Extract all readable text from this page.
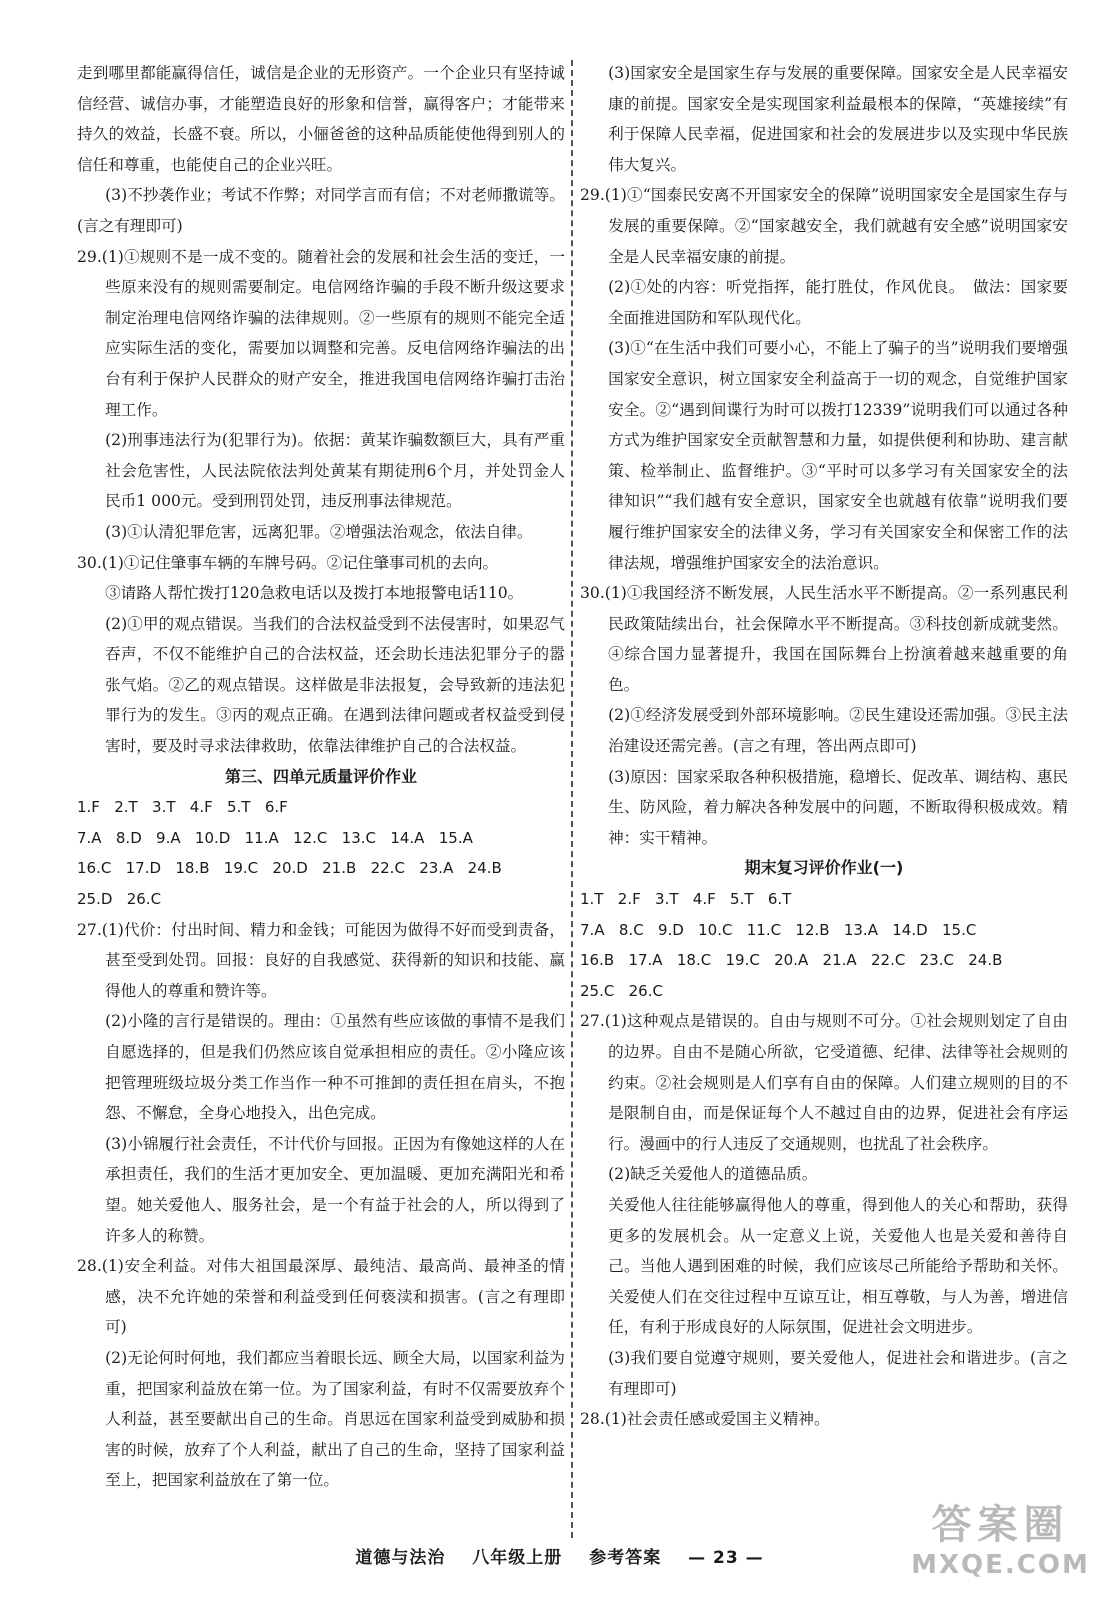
走到哪里都能赢得信任，诚信是企业的无形资产。一个企业只有坚持诚信经营、诚信办事，才能塑造良好的形象和信誉，赢得客户；才能带来持久的效益，长盛不衰。所以，小俪爸爸的这种品质能使他得到别人的信任和尊重，也能使自己的企业兴旺。

(3)不抄袭作业；考试不作弊；对同学言而有信；不对老师撒谎等。(言之有理即可)

29.(1)①规则不是一成不变的。随着社会的发展和社会生活的变迁，一些原来没有的规则需要制定。电信网络诈骗的手段不断升级这要求制定治理电信网络诈骗的法律规则。②一些原有的规则不能完全适应实际生活的变化，需要加以调整和完善。反电信网络诈骗法的出台有利于保护人民群众的财产安全，推进我国电信网络诈骗打击治理工作。

(2)刑事违法行为(犯罪行为)。依据：黄某诈骗数额巨大，具有严重社会危害性，人民法院依法判处黄某有期徒刑6个月，并处罚金人民币1 000元。受到刑罚处罚，违反刑事法律规范。

(3)①认清犯罪危害，远离犯罪。②增强法治观念，依法自律。

30.(1)①记住肇事车辆的车牌号码。②记住肇事司机的去向。

③请路人帮忙拨打120急救电话以及拨打本地报警电话110。

(2)①甲的观点错误。当我们的合法权益受到不法侵害时，如果忍气吞声，不仅不能维护自己的合法权益，还会助长违法犯罪分子的嚣张气焰。②乙的观点错误。这样做是非法报复，会导致新的违法犯罪行为的发生。③丙的观点正确。在遇到法律问题或者权益受到侵害时，要及时寻求法律救助，依靠法律维护自己的合法权益。

第三、四单元质量评价作业

1.F   2.T   3.T   4.F   5.T   6.F

7.A   8.D   9.A   10.D   11.A   12.C   13.C   14.A   15.A

16.C   17.D   18.B   19.C   20.D   21.B   22.C   23.A   24.B

25.D   26.C

27.(1)代价：付出时间、精力和金钱；可能因为做得不好而受到责备，甚至受到处罚。回报：良好的自我感觉、获得新的知识和技能、赢得他人的尊重和赞许等。

(2)小隆的言行是错误的。理由：①虽然有些应该做的事情不是我们自愿选择的，但是我们仍然应该自觉承担相应的责任。②小隆应该把管理班级垃圾分类工作当作一种不可推卸的责任担在肩头，不抱怨、不懈怠，全身心地投入，出色完成。

(3)小锦履行社会责任，不计代价与回报。正因为有像她这样的人在承担责任，我们的生活才更加安全、更加温暖、更加充满阳光和希望。她关爱他人、服务社会，是一个有益于社会的人，所以得到了许多人的称赞。

28.(1)安全利益。对伟大祖国最深厚、最纯洁、最高尚、最神圣的情感，决不允许她的荣誉和利益受到任何亵渎和损害。(言之有理即可)

(2)无论何时何地，我们都应当着眼长远、顾全大局，以国家利益为重，把国家利益放在第一位。为了国家利益，有时不仅需要放弃个人利益，甚至要献出自己的生命。肖思远在国家利益受到威胁和损害的时候，放弃了个人利益，献出了自己的生命，坚持了国家利益至上，把国家利益放在了第一位。

(3)国家安全是国家生存与发展的重要保障。国家安全是人民幸福安康的前提。国家安全是实现国家利益最根本的保障，“英雄接续”有利于保障人民幸福，促进国家和社会的发展进步以及实现中华民族伟大复兴。

29.(1)①“国泰民安离不开国家安全的保障”说明国家安全是国家生存与发展的重要保障。②“国家越安全，我们就越有安全感”说明国家安全是人民幸福安康的前提。

(2)①处的内容：听党指挥，能打胜仗，作风优良。　做法：国家要全面推进国防和军队现代化。

(3)①“在生活中我们可要小心，不能上了骗子的当”说明我们要增强国家安全意识，树立国家安全利益高于一切的观念，自觉维护国家安全。②“遇到间谍行为时可以拨打12339”说明我们可以通过各种方式为维护国家安全贡献智慧和力量，如提供便利和协助、建言献策、检举制止、监督维护。③“平时可以多学习有关国家安全的法律知识”“我们越有安全意识，国家安全也就越有依靠”说明我们要履行维护国家安全的法律义务，学习有关国家安全和保密工作的法律法规，增强维护国家安全的法治意识。

30.(1)①我国经济不断发展，人民生活水平不断提高。②一系列惠民利民政策陆续出台，社会保障水平不断提高。③科技创新成就斐然。④综合国力显著提升，我国在国际舞台上扮演着越来越重要的角色。

(2)①经济发展受到外部环境影响。②民生建设还需加强。③民主法治建设还需完善。(言之有理，答出两点即可)

(3)原因：国家采取各种积极措施，稳增长、促改革、调结构、惠民生、防风险，着力解决各种发展中的问题，不断取得积极成效。精神：实干精神。

期末复习评价作业(一)

1.T   2.F   3.T   4.F   5.T   6.T

7.A   8.C   9.D   10.C   11.C   12.B   13.A   14.D   15.C

16.B   17.A   18.C   19.C   20.A   21.A   22.C   23.C   24.B

25.C   26.C

27.(1)这种观点是错误的。自由与规则不可分。①社会规则划定了自由的边界。自由不是随心所欲，它受道德、纪律、法律等社会规则的约束。②社会规则是人们享有自由的保障。人们建立规则的目的不是限制自由，而是保证每个人不越过自由的边界，促进社会有序运行。漫画中的行人违反了交通规则，也扰乱了社会秩序。

(2)缺乏关爱他人的道德品质。

关爱他人往往能够赢得他人的尊重，得到他人的关心和帮助，获得更多的发展机会。从一定意义上说，关爱他人也是关爱和善待自己。当他人遇到困难的时候，我们应该尽己所能给予帮助和关怀。关爱使人们在交往过程中互谅互让，相互尊敬，与人为善，增进信任，有利于形成良好的人际氛围，促进社会文明进步。

(3)我们要自觉遵守规则，要关爱他人，促进社会和谐进步。(言之有理即可)

28.(1)社会责任感或爱国主义精神。

道德与法治 八年级上册 参考答案 — 23 —
答案圈
MXQE.COM
